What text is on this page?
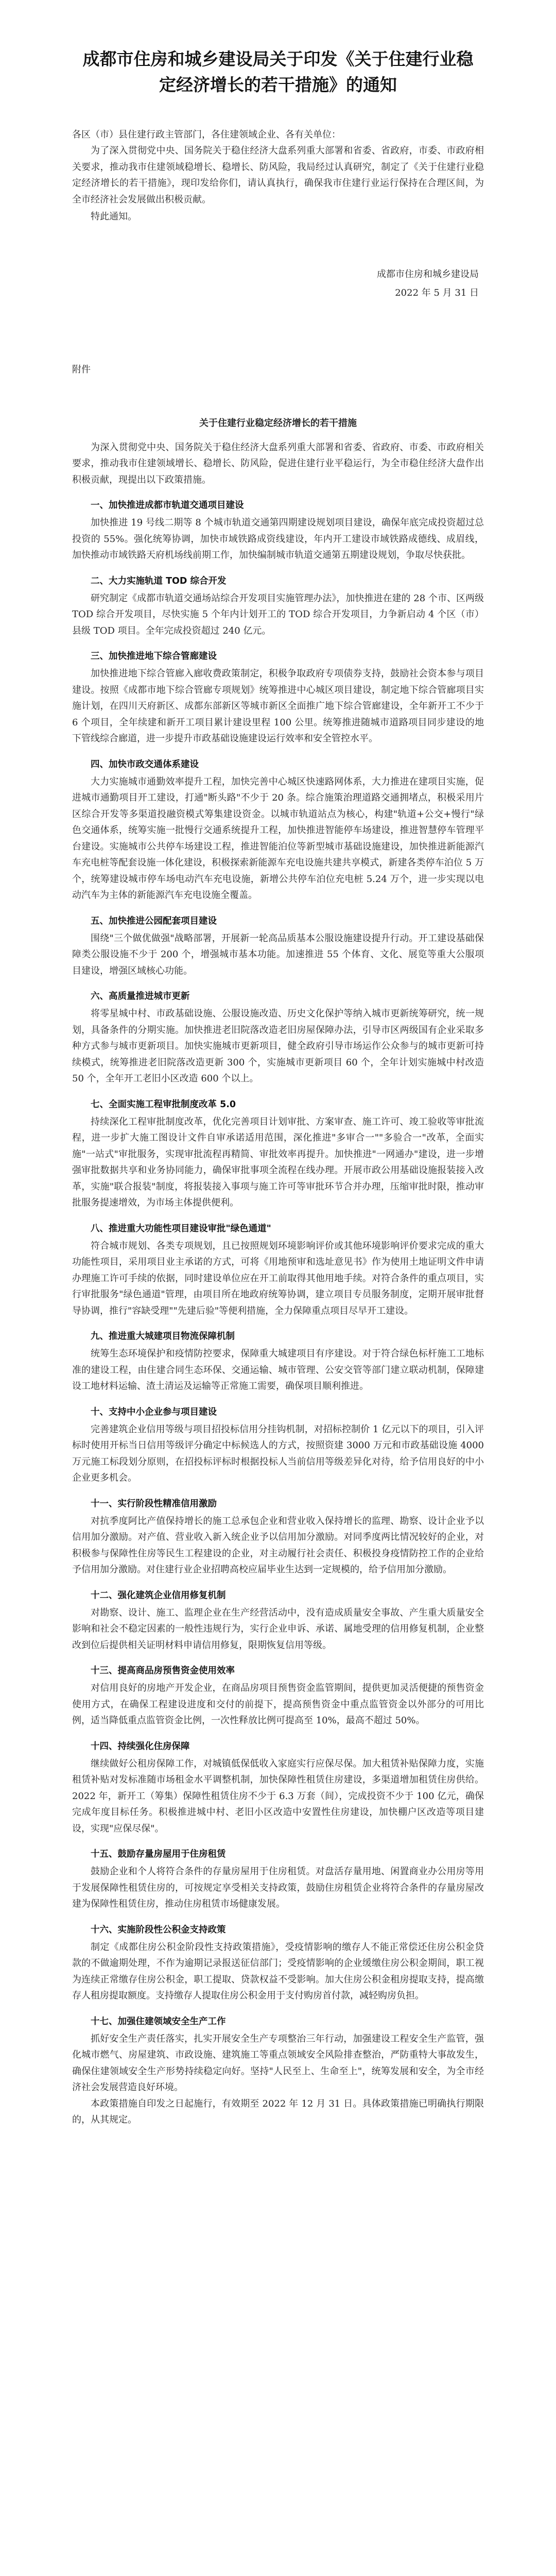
成都市住房和城乡建设局关于印发《关于住建行业稳定经济增长的若干措施》的通知
各区（市）县住建行政主管部门，各住建领域企业、各有关单位：

为了深入贯彻党中央、国务院关于稳住经济大盘系列重大部署和省委、省政府，市委、市政府相关要求，推动我市住建领域稳增长、稳增长、防风险，我局经过认真研究，制定了《关于住建行业稳定经济增长的若干措施》，现印发给你们，请认真执行，确保我市住建行业运行保持在合理区间，为全市经济社会发展做出积极贡献。

特此通知。

成都市住房和城乡建设局
2022 年 5 月 31 日
附件
关于住建行业稳定经济增长的若干措施

为深入贯彻党中央、国务院关于稳住经济大盘系列重大部署和省委、省政府、市委、市政府相关要求，推动我市住建领域增长、稳增长、防风险，促进住建行业平稳运行，为全市稳住经济大盘作出积极贡献，现提出以下政策措施。

一、加快推进成都市轨道交通项目建设

加快推进 19 号线二期等 8 个城市轨道交通第四期建设规划项目建设，确保年底完成投资超过总投资的 55%。强化统筹协调，加快市域铁路成资线建设，年内开工建设市域铁路成德线、成眉线，加快推动市域铁路天府机场线前期工作，加快编制城市轨道交通第五期建设规划，争取尽快获批。

二、大力实施轨道 TOD 综合开发

研究制定《成都市轨道交通场站综合开发项目实施管理办法》，加快推进在建的 28 个市、区两级 TOD 综合开发项目，尽快实施 5 个年内计划开工的 TOD 综合开发项目，力争新启动 4 个区（市）县级 TOD 项目。全年完成投资超过 240 亿元。

三、加快推进地下综合管廊建设

加快推进地下综合管廊入廊收费政策制定，积极争取政府专项债券支持，鼓励社会资本参与项目建设。按照《成都市地下综合管廊专项规划》统筹推进中心城区项目建设，制定地下综合管廊项目实施计划，在四川天府新区、成都东部新区等城市新区全面推广地下综合管廊建设，全年新开工不少于 6 个项目，全年续建和新开工项目累计建设里程 100 公里。统筹推进随城市道路项目同步建设的地下管线综合廊道，进一步提升市政基础设施建设运行效率和安全管控水平。

四、加快市政交通体系建设

大力实施城市通勤效率提升工程，加快完善中心城区快速路网体系，大力推进在建项目实施，促进城市通勤项目开工建设，打通"断头路"不少于 20 条。综合施策治理道路交通拥堵点，积极采用片区综合开发等多渠道投融资模式筹集建设资金。以城市轨道站点为核心，构建"轨道+公交+慢行"绿色交通体系，统筹实施一批慢行交通系统提升工程，加快推进智能停车场建设，推进智慧停车管理平台建设。实施城市公共停车场建设工程，推进智能泊位等新型城市基础设施建设，加快推进新能源汽车充电桩等配套设施一体化建设，积极探索新能源车充电设施共建共享模式，新建各类停车泊位 5 万个，统筹建设城市停车场电动汽车充电设施，新增公共停车泊位充电桩 5.24 万个，进一步实现以电动汽车为主体的新能源汽车充电设施全覆盖。

五、加快推进公园配套项目建设

围绕"三个做优做强"战略部署，开展新一轮高品质基本公服设施建设提升行动。开工建设基础保障类公服设施不少于 200 个，增强城市基本功能。加速推进 55 个体育、文化、展览等重大公服项目建设，增强区域核心功能。

六、高质量推进城市更新

将零星城中村、市政基础设施、公服设施改造、历史文化保护等纳入城市更新统筹研究，统一规划，具备条件的分期实施。加快推进老旧院落改造老旧房屋保障办法，引导市区两级国有企业采取多种方式参与城市更新项目。加快实施城市更新项目，健全政府引导市场运作公众参与的城市更新可持续模式，统筹推进老旧院落改造更新 300 个，实施城市更新项目 60 个，全年计划实施城中村改造 50 个，全年开工老旧小区改造 600 个以上。

七、全面实施工程审批制度改革 5.0

持续深化工程审批制度改革，优化完善项目计划审批、方案审查、施工许可、竣工验收等审批流程，进一步扩大施工图设计文件自审承诺适用范围，深化推进"多审合一""多验合一"改革，全面实施"一站式"审批服务，实现审批流程再精简、审批效率再提升。加快推进"一网通办"建设，进一步增强审批数据共享和业务协同能力，确保审批事项全流程在线办理。开展市政公用基础设施报装接入改革，实施"联合报装"制度，将报装接入事项与施工许可等审批环节合并办理，压缩审批时限，推动审批服务提速增效，为市场主体提供便利。

八、推进重大功能性项目建设审批"绿色通道"

符合城市规划、各类专项规划，且已按照规划环境影响评价或其他环境影响评价要求完成的重大功能性项目，采用项目业主承诺的方式，可将《用地预审和选址意见书》作为使用土地证明文件申请办理施工许可手续的依据，同时建设单位应在开工前取得其他用地手续。对符合条件的重点项目，实行审批服务"绿色通道"管理，由项目所在地政府统筹协调，建立项目专员服务制度，定期开展审批督导协调，推行"容缺受理""先建后验"等便利措施，全力保障重点项目尽早开工建设。

九、推进重大城建项目物流保障机制

统筹生态环境保护和疫情防控要求，保障重大城建项目有序建设。对于符合绿色标杆施工工地标准的建设工程，由住建合同生态环保、交通运输、城市管理、公安交管等部门建立联动机制，保障建设工地材料运输、渣土清运及运输等正常施工需要，确保项目顺利推进。

十、支持中小企业参与项目建设

完善建筑企业信用等级与项目招投标信用分挂钩机制，对招标控制价 1 亿元以下的项目，引入评标时使用开标当日信用等级评分确定中标候选人的方式，按照资建 3000 万元和市政基础设施 4000 万元施工标段划分原则，在招投标评标时根据投标人当前信用等级差异化对待，给予信用良好的中小企业更多机会。

十一、实行阶段性精准信用激励

对抗季度阿比产值保持增长的施工总承包企业和营业收入保持增长的监理、勘察、设计企业予以信用加分激励。对产值、营业收入新入统企业予以信用加分激励。对同季度两比情况较好的企业，对积极参与保障性住房等民生工程建设的企业，对主动履行社会责任、积极投身疫情防控工作的企业给予信用加分激励。对住建行业企业招聘高校应届毕业生达到一定规模的，给予信用加分激励。

十二、强化建筑企业信用修复机制

对勘察、设计、施工、监理企业在生产经营活动中，没有造成质量安全事故、产生重大质量安全影响和社会不稳定因素的一般性违规行为，实行企业申诉、承诺、属地受理的信用修复机制，企业整改到位后提供相关证明材料申请信用修复，限期恢复信用等级。

十三、提高商品房预售资金使用效率

对信用良好的房地产开发企业，在商品房项目预售资金监管期间，提供更加灵活便捷的预售资金使用方式，在确保工程建设进度和交付的前提下，提高预售资金中重点监管资金以外部分的可用比例，适当降低重点监管资金比例，一次性释放比例可提高至 10%，最高不超过 50%。

十四、持续强化住房保障

继续做好公租房保障工作，对城镇低保低收入家庭实行应保尽保。加大租赁补贴保障力度，实施租赁补贴对发标准随市场租金水平调整机制，加快保障性租赁住房建设，多渠道增加租赁住房供给。2022 年，新开工（筹集）保障性租赁住房不少于 6.3 万套（间），完成投资不少于 100 亿元，确保完成年度目标任务。积极推进城中村、老旧小区改造中安置性住房建设，加快棚户区改造等项目建设，实现"应保尽保"。

十五、鼓励存量房屋用于住房租赁

鼓励企业和个人将符合条件的存量房屋用于住房租赁。对盘活存量用地、闲置商业办公用房等用于发展保障性租赁住房的，可按规定享受相关支持政策，鼓励住房租赁企业将符合条件的存量房屋改建为保障性租赁住房，推动住房租赁市场健康发展。

十六、实施阶段性公积金支持政策

制定《成都住房公积金阶段性支持政策措施》，受疫情影响的缴存人不能正常偿还住房公积金贷款的不做逾期处理，不作为逾期记录报送征信部门；受疫情影响的企业缓缴住房公积金期间，职工视为连续正常缴存住房公积金，职工提取、贷款权益不受影响。加大住房公积金租房提取支持，提高缴存人租房提取额度。支持缴存人提取住房公积金用于支付购房首付款，减轻购房负担。

十七、加强住建领域安全生产工作

抓好安全生产责任落实，扎实开展安全生产专项整治三年行动，加强建设工程安全生产监管，强化城市燃气、房屋建筑、市政设施、建筑施工等重点领域安全风险排查整治，严防重特大事故发生，确保住建领域安全生产形势持续稳定向好。坚持"人民至上、生命至上"，统筹发展和安全，为全市经济社会发展营造良好环境。

本政策措施自印发之日起施行，有效期至 2022 年 12 月 31 日。具体政策措施已明确执行期限的，从其规定。
